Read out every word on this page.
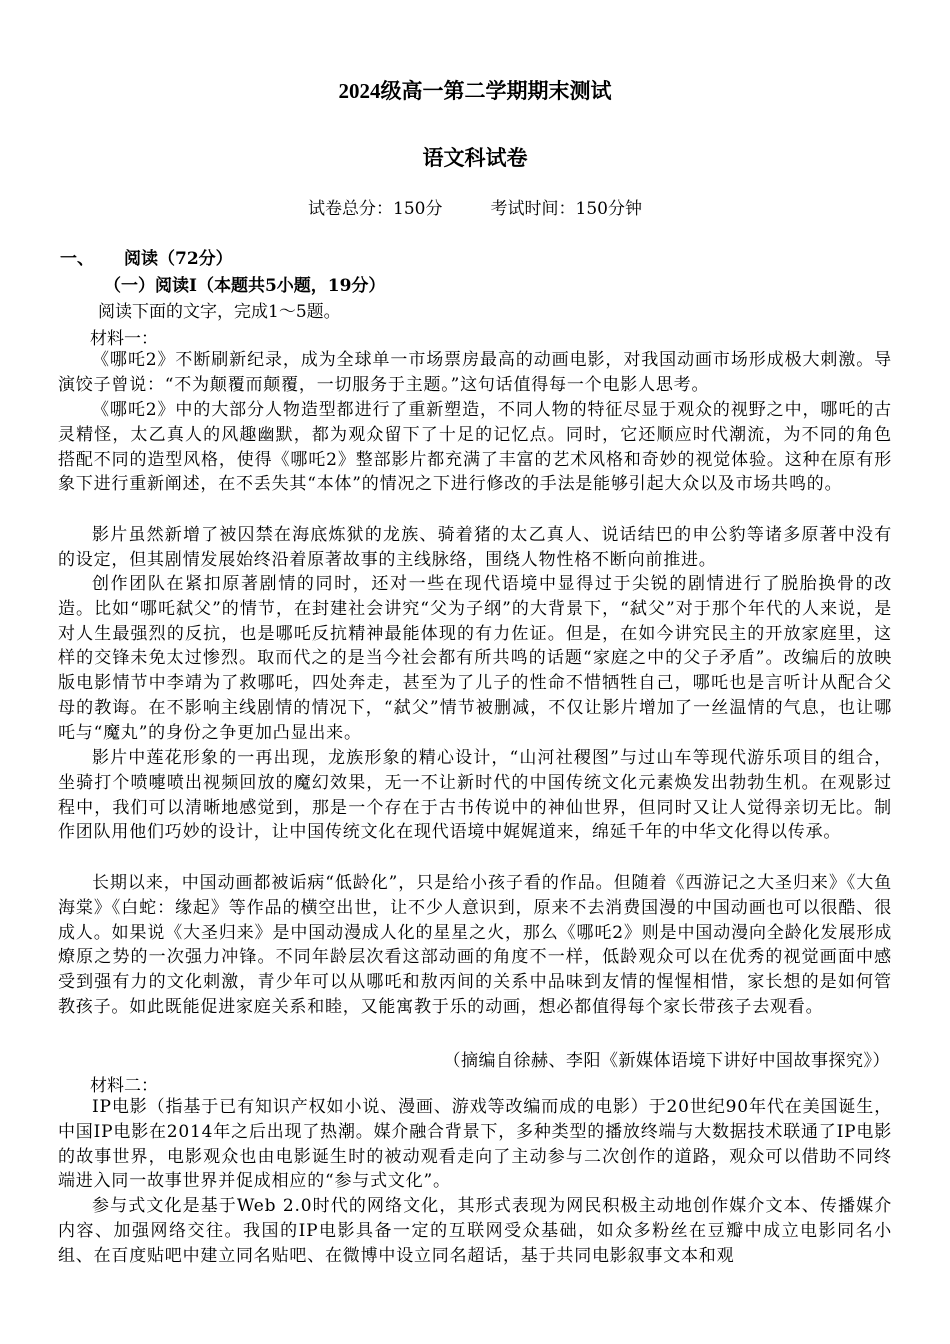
2024级高一第二学期期末测试
语文科试卷
试卷总分：150分	考试时间：150分钟
一、 阅读（72分）
（一）阅读Ⅰ（本题共5小题，19分）
阅读下面的文字，完成1～5题。
材料一：
《哪吒2》不断刷新纪录，成为全球单一市场票房最高的动画电影，对我国动画市场形成极大刺激。导演饺子曾说：“不为颠覆而颠覆，一切服务于主题。”这句话值得每一个电影人思考。
《哪吒2》中的大部分人物造型都进行了重新塑造，不同人物的特征尽显于观众的视野之中，哪吒的古灵精怪，太乙真人的风趣幽默，都为观众留下了十足的记忆点。同时，它还顺应时代潮流，为不同的角色搭配不同的造型风格，使得《哪吒2》整部影片都充满了丰富的艺术风格和奇妙的视觉体验。这种在原有形象下进行重新阐述，在不丢失其“本体”的情况之下进行修改的手法是能够引起大众以及市场共鸣的。
影片虽然新增了被囚禁在海底炼狱的龙族、骑着猪的太乙真人、说话结巴的申公豹等诸多原著中没有的设定，但其剧情发展始终沿着原著故事的主线脉络，围绕人物性格不断向前推进。
创作团队在紧扣原著剧情的同时，还对一些在现代语境中显得过于尖锐的剧情进行了脱胎换骨的改造。比如“哪吒弑父”的情节，在封建社会讲究“父为子纲”的大背景下，“弑父”对于那个年代的人来说，是对人生最强烈的反抗，也是哪吒反抗精神最能体现的有力佐证。但是，在如今讲究民主的开放家庭里，这样的交锋未免太过惨烈。取而代之的是当今社会都有所共鸣的话题“家庭之中的父子矛盾”。改编后的放映版电影情节中李靖为了救哪吒，四处奔走，甚至为了儿子的性命不惜牺牲自己，哪吒也是言听计从配合父母的教诲。在不影响主线剧情的情况下，“弑父”情节被删减，不仅让影片增加了一丝温情的气息，也让哪吒与“魔丸”的身份之争更加凸显出来。
影片中莲花形象的一再出现，龙族形象的精心设计，“山河社稷图”与过山车等现代游乐项目的组合，坐骑打个喷嚏喷出视频回放的魔幻效果，无一不让新时代的中国传统文化元素焕发出勃勃生机。在观影过程中，我们可以清晰地感觉到，那是一个存在于古书传说中的神仙世界，但同时又让人觉得亲切无比。制作团队用他们巧妙的设计，让中国传统文化在现代语境中娓娓道来，绵延千年的中华文化得以传承。
长期以来，中国动画都被诟病“低龄化”，只是给小孩子看的作品。但随着《西游记之大圣归来》《大鱼海棠》《白蛇：缘起》等作品的横空出世，让不少人意识到，原来不去消费国漫的中国动画也可以很酷、很成人。如果说《大圣归来》是中国动漫成人化的星星之火，那么《哪吒2》则是中国动漫向全龄化发展形成燎原之势的一次强力冲锋。不同年龄层次看这部动画的角度不一样，低龄观众可以在优秀的视觉画面中感受到强有力的文化刺激，青少年可以从哪吒和敖丙间的关系中品味到友情的惺惺相惜，家长想的是如何管教孩子。如此既能促进家庭关系和睦，又能寓教于乐的动画，想必都值得每个家长带孩子去观看。
（摘编自徐赫、李阳《新媒体语境下讲好中国故事探究》）
材料二：
IP电影（指基于已有知识产权如小说、漫画、游戏等改编而成的电影）于20世纪90年代在美国诞生，中国IP电影在2014年之后出现了热潮。媒介融合背景下，多种类型的播放终端与大数据技术联通了IP电影的故事世界，电影观众也由电影诞生时的被动观看走向了主动参与二次创作的道路，观众可以借助不同终端进入同一故事世界并促成相应的“参与式文化”。
参与式文化是基于Web 2.0时代的网络文化，其形式表现为网民积极主动地创作媒介文本、传播媒介内容、加强网络交往。我国的IP电影具备一定的互联网受众基础，如众多粉丝在豆瓣中成立电影同名小组、在百度贴吧中建立同名贴吧、在微博中设立同名超话，基于共同电影叙事文本和观
